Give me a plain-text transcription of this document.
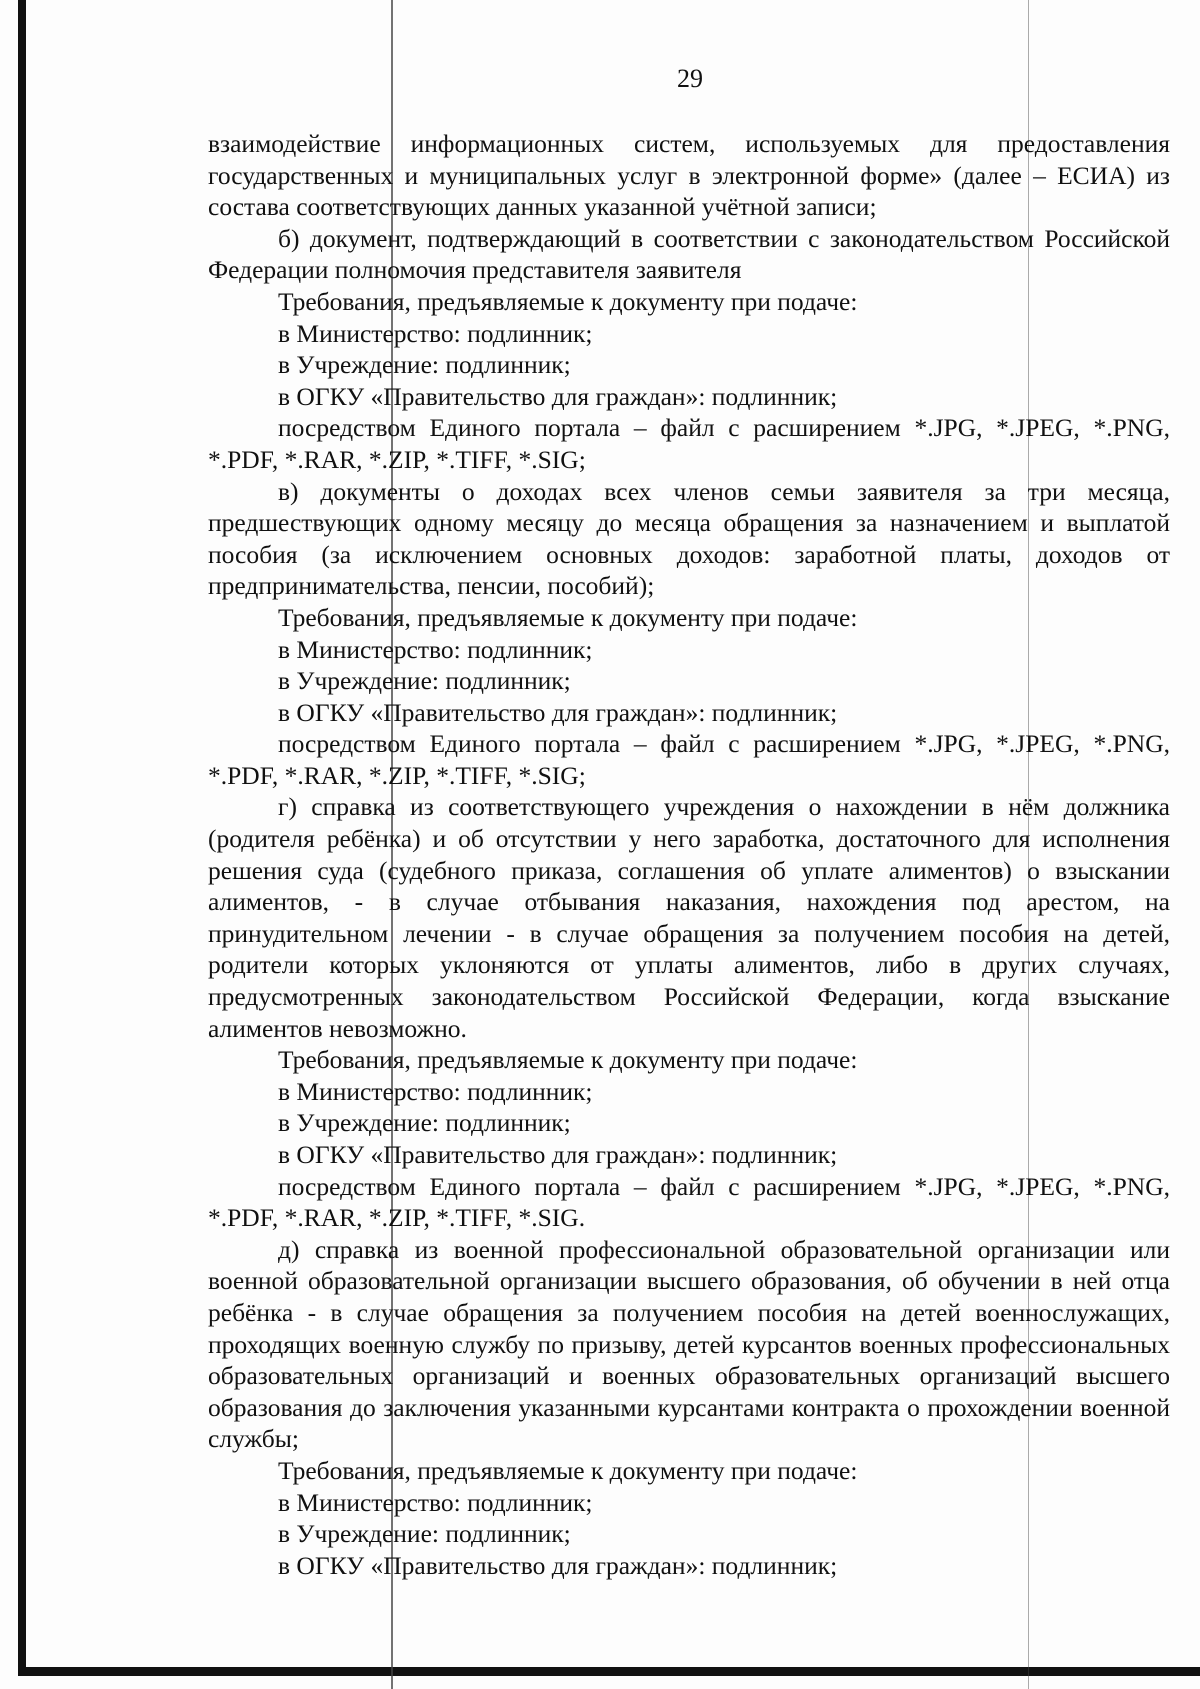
29

взаимодействие информационных систем, используемых для предоставления государственных и муниципальных услуг в электронной форме» (далее – ЕСИА) из состава соответствующих данных указанной учётной записи;

б) документ, подтверждающий в соответствии с законодательством Российской Федерации полномочия представителя заявителя

Требования, предъявляемые к документу при подаче:

в Министерство: подлинник;

в Учреждение: подлинник;

в ОГКУ «Правительство для граждан»: подлинник;

посредством Единого портала – файл с расширением *.JPG, *.JPEG, *.PNG, *.PDF, *.RAR, *.ZIP, *.TIFF, *.SIG;

в) документы о доходах всех членов семьи заявителя за три месяца, предшествующих одному месяцу до месяца обращения за назначением и выплатой пособия (за исключением основных доходов: заработной платы, доходов от предпринимательства, пенсии, пособий);

Требования, предъявляемые к документу при подаче:

в Министерство: подлинник;

в Учреждение: подлинник;

в ОГКУ «Правительство для граждан»: подлинник;

посредством Единого портала – файл с расширением *.JPG, *.JPEG, *.PNG, *.PDF, *.RAR, *.ZIP, *.TIFF, *.SIG;

г) справка из соответствующего учреждения о нахождении в нём должника (родителя ребёнка) и об отсутствии у него заработка, достаточного для исполнения решения суда (судебного приказа, соглашения об уплате алиментов) о взыскании алиментов, - в случае отбывания наказания, нахождения под арестом, на принудительном лечении - в случае обращения за получением пособия на детей, родители которых уклоняются от уплаты алиментов, либо в других случаях, предусмотренных законодательством Российской Федерации, когда взыскание алиментов невозможно.

Требования, предъявляемые к документу при подаче:

в Министерство: подлинник;

в Учреждение: подлинник;

в ОГКУ «Правительство для граждан»: подлинник;

посредством Единого портала – файл с расширением *.JPG, *.JPEG, *.PNG, *.PDF, *.RAR, *.ZIP, *.TIFF, *.SIG.

д) справка из военной профессиональной образовательной организации или военной образовательной организации высшего образования, об обучении в ней отца ребёнка - в случае обращения за получением пособия на детей военнослужащих, проходящих военную службу по призыву, детей курсантов военных профессиональных образовательных организаций и военных образовательных организаций высшего образования до заключения указанными курсантами контракта о прохождении военной службы;

Требования, предъявляемые к документу при подаче:

в Министерство: подлинник;

в Учреждение: подлинник;

в ОГКУ «Правительство для граждан»: подлинник;
